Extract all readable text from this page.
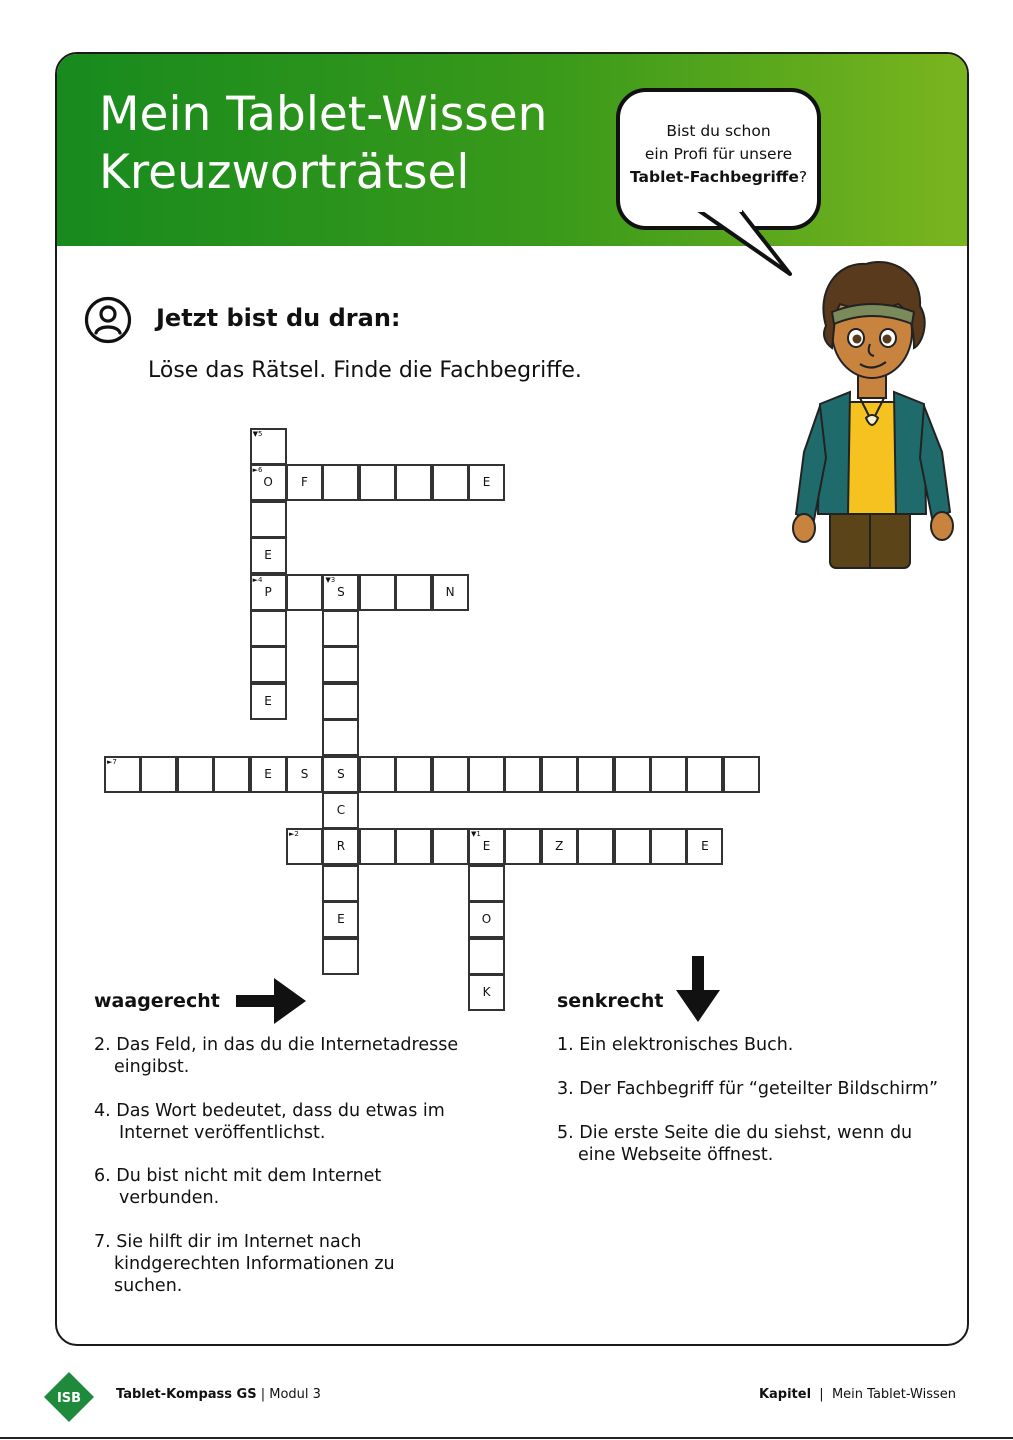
Mein Tablet-Wissen
Kreuzworträtsel
Bist du schon
ein Profi für unsere
Tablet-Fachbegriffe?
Jetzt bist du dran:
Löse das Rätsel. Finde die Fachbegriffe.
O
E
P
E
F	E
S	N
S
C
R
E
E	S
E	Z	E
O
K
▼5
►6
►4	▼3
►7
►2	▼1
waagerecht	senkrecht
2. Das Feld, in das du die Internetadresse
eingibst.
4. Das Wort bedeutet, dass du etwas im
Internet veröffentlichst.
6. Du bist nicht mit dem Internet
verbunden.
7. Sie hilft dir im Internet nach
kindgerechten Informationen zu
suchen.
1. Ein elektronisches Buch.
3. Der Fachbegriff für “geteilter Bildschirm”
5. Die erste Seite die du siehst, wenn du
eine Webseite öffnest.
ISB	Tablet-Kompass GS | Modul 3	Kapitel  |  Mein Tablet-Wissen
